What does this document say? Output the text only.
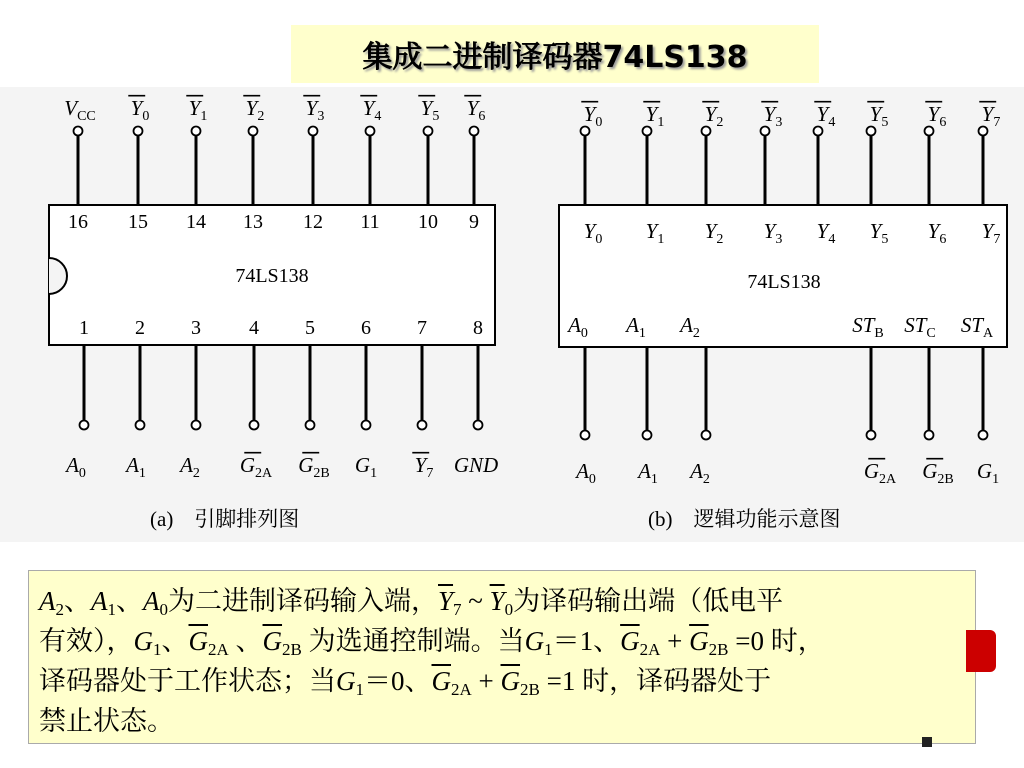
集成二进制译码器74LS138
74LS138
16
$V_{CC}$
15
$Y_0$
14
$Y_1$
13
$Y_2$
12
$Y_3$
11
$Y_4$
10
$Y_5$
9
$Y_6$
1
$A_0$
2
$A_1$
3
$A_2$
4
$G_{2A}$
5
$G_{2B}$
6
$G_1$
7
$Y_7$
8
GND
(a)　引脚排列图
74LS138
$Y_0$
$Y_0$
$Y_1$
$Y_1$
$Y_2$
$Y_2$
$Y_3$
$Y_3$
$Y_4$
$Y_4$
$Y_5$
$Y_5$
$Y_6$
$Y_6$
$Y_7$
$Y_7$
$A_0$ $A_1$ $A_2$	$G_{2A}$ $G_{2B}$ $G_1$
$A_0$ $A_1$ $A_2$	$ST_B$ $ST_C$ $ST_A$
(b)　逻辑功能示意图
$A_2$、$A_1$、$A_0$为二进制译码输入端，$\overline{Y}_7$ ~ $\overline{Y}_0$为译码输出端（低电平
有效），$G_1$、$\overline{G}_{2A}$ 、$\overline{G}_{2B}$ 为选通控制端。当$G_1=1$、$\overline{G}_{2A} + \overline{G}_{2B} =0$ 时，
译码器处于工作状态；当$G_1=0$、$\overline{G}_{2A} + \overline{G}_{2B} =1$ 时，译码器处于
禁止状态。
